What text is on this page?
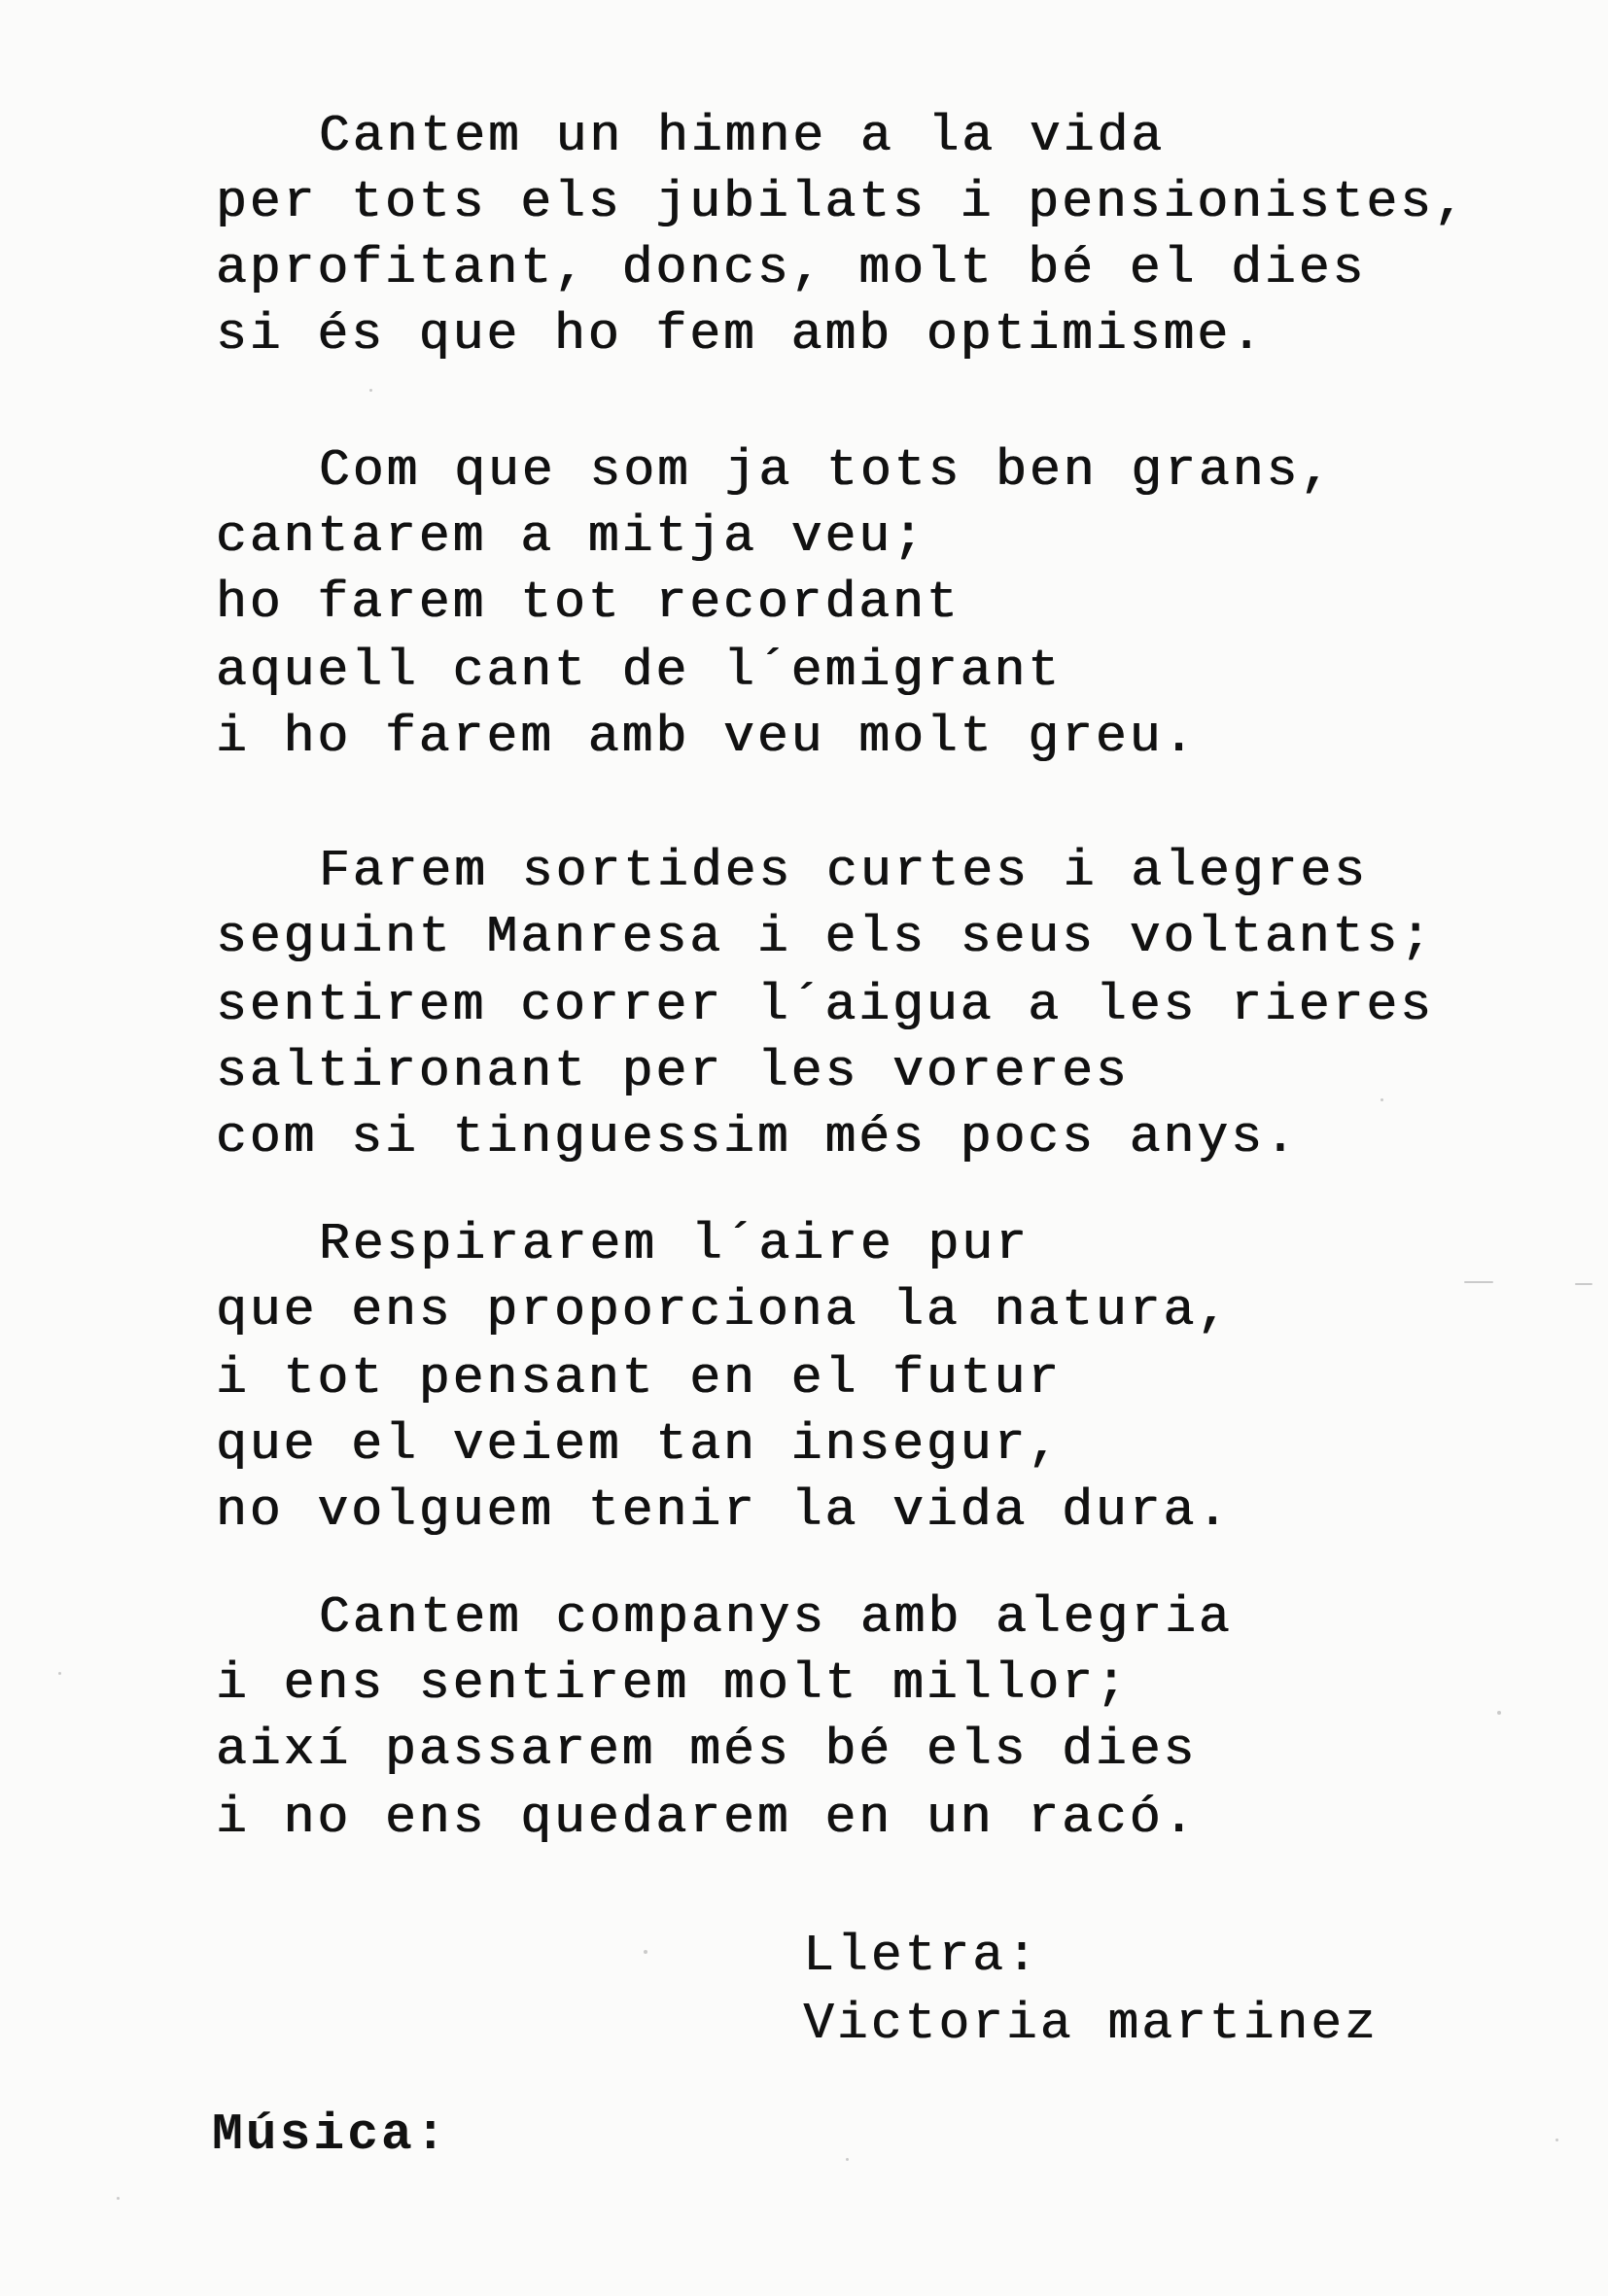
Cantem un himne a la vida
per tots els jubilats i pensionistes,
aprofitant, doncs, molt bé el dies
si és que ho fem amb optimisme.
Com que som ja tots ben grans,
cantarem a mitja veu;
ho farem tot recordant
aquell cant de l´emigrant
i ho farem amb veu molt greu.
Farem sortides curtes i alegres
seguint Manresa i els seus voltants;
sentirem correr l´aigua a les rieres
saltironant per les voreres
com si tinguessim més pocs anys.
Respirarem l´aire pur
que ens proporciona la natura,
i tot pensant en el futur
que el veiem tan insegur,
no volguem tenir la vida dura.
Cantem companys amb alegria
i ens sentirem molt millor;
així passarem més bé els dies
i no ens quedarem en un racó.
Lletra:
Victoria martinez
Música:
